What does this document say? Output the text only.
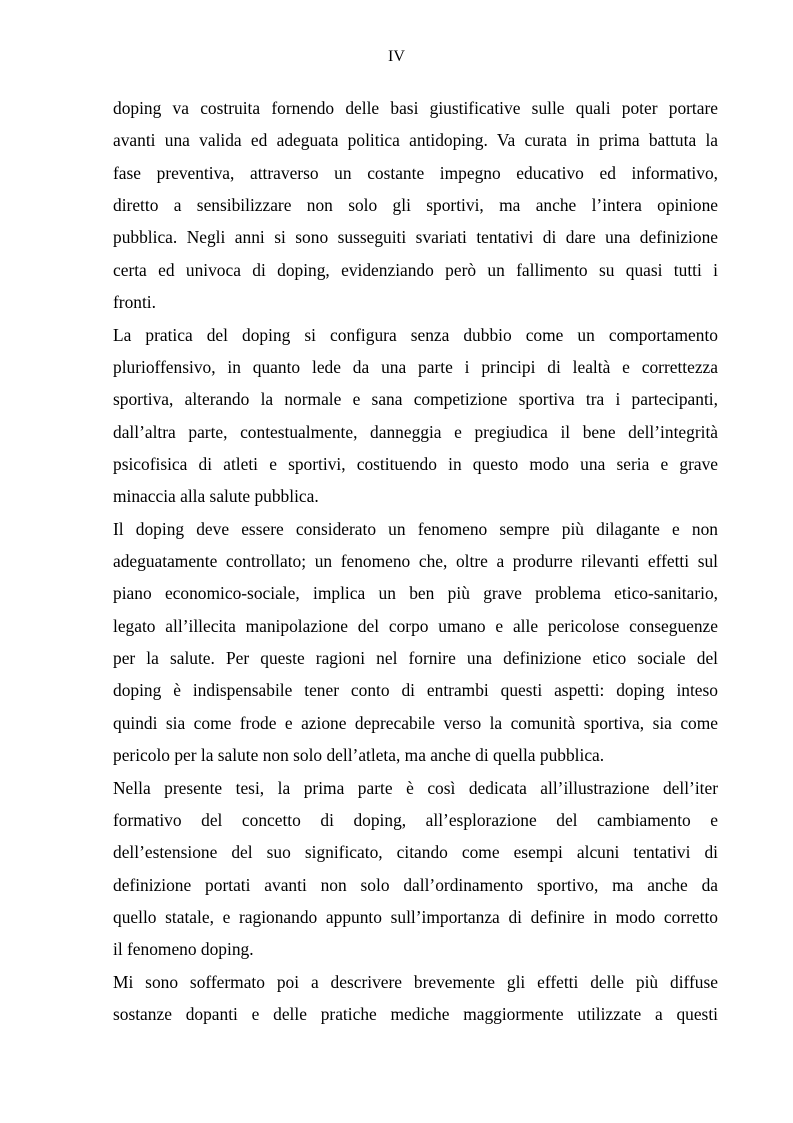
IV
doping va costruita fornendo delle basi giustificative sulle quali poter portare
avanti una valida ed adeguata politica antidoping. Va curata in prima battuta la
fase preventiva, attraverso un costante impegno educativo ed informativo,
diretto a sensibilizzare non solo gli sportivi, ma anche l’intera opinione
pubblica. Negli anni si sono susseguiti svariati tentativi di dare una definizione
certa ed univoca di doping, evidenziando però un fallimento su quasi tutti i
fronti.
La pratica del doping si configura senza dubbio come un comportamento
plurioffensivo, in quanto lede da una parte i principi di lealtà e correttezza
sportiva, alterando la normale e sana competizione sportiva tra i partecipanti,
dall’altra parte, contestualmente, danneggia e pregiudica il bene dell’integrità
psicofisica di atleti e sportivi, costituendo in questo modo una seria e grave
minaccia alla salute pubblica.
Il doping deve essere considerato un fenomeno sempre più dilagante e non
adeguatamente controllato; un fenomeno che, oltre a produrre rilevanti effetti sul
piano economico-sociale, implica un ben più grave problema etico-sanitario,
legato all’illecita manipolazione del corpo umano e alle pericolose conseguenze
per la salute. Per queste ragioni nel fornire una definizione etico sociale del
doping è indispensabile tener conto di entrambi questi aspetti: doping inteso
quindi sia come frode e azione deprecabile verso la comunità sportiva, sia come
pericolo per la salute non solo dell’atleta, ma anche di quella pubblica.
Nella presente tesi, la prima parte è così dedicata all’illustrazione dell’iter
formativo del concetto di doping, all’esplorazione del cambiamento e
dell’estensione del suo significato, citando come esempi alcuni tentativi di
definizione portati avanti non solo dall’ordinamento sportivo, ma anche da
quello statale, e ragionando appunto sull’importanza di definire in modo corretto
il fenomeno doping.
Mi sono soffermato poi a descrivere brevemente gli effetti delle più diffuse
sostanze dopanti e delle pratiche mediche maggiormente utilizzate a questi
